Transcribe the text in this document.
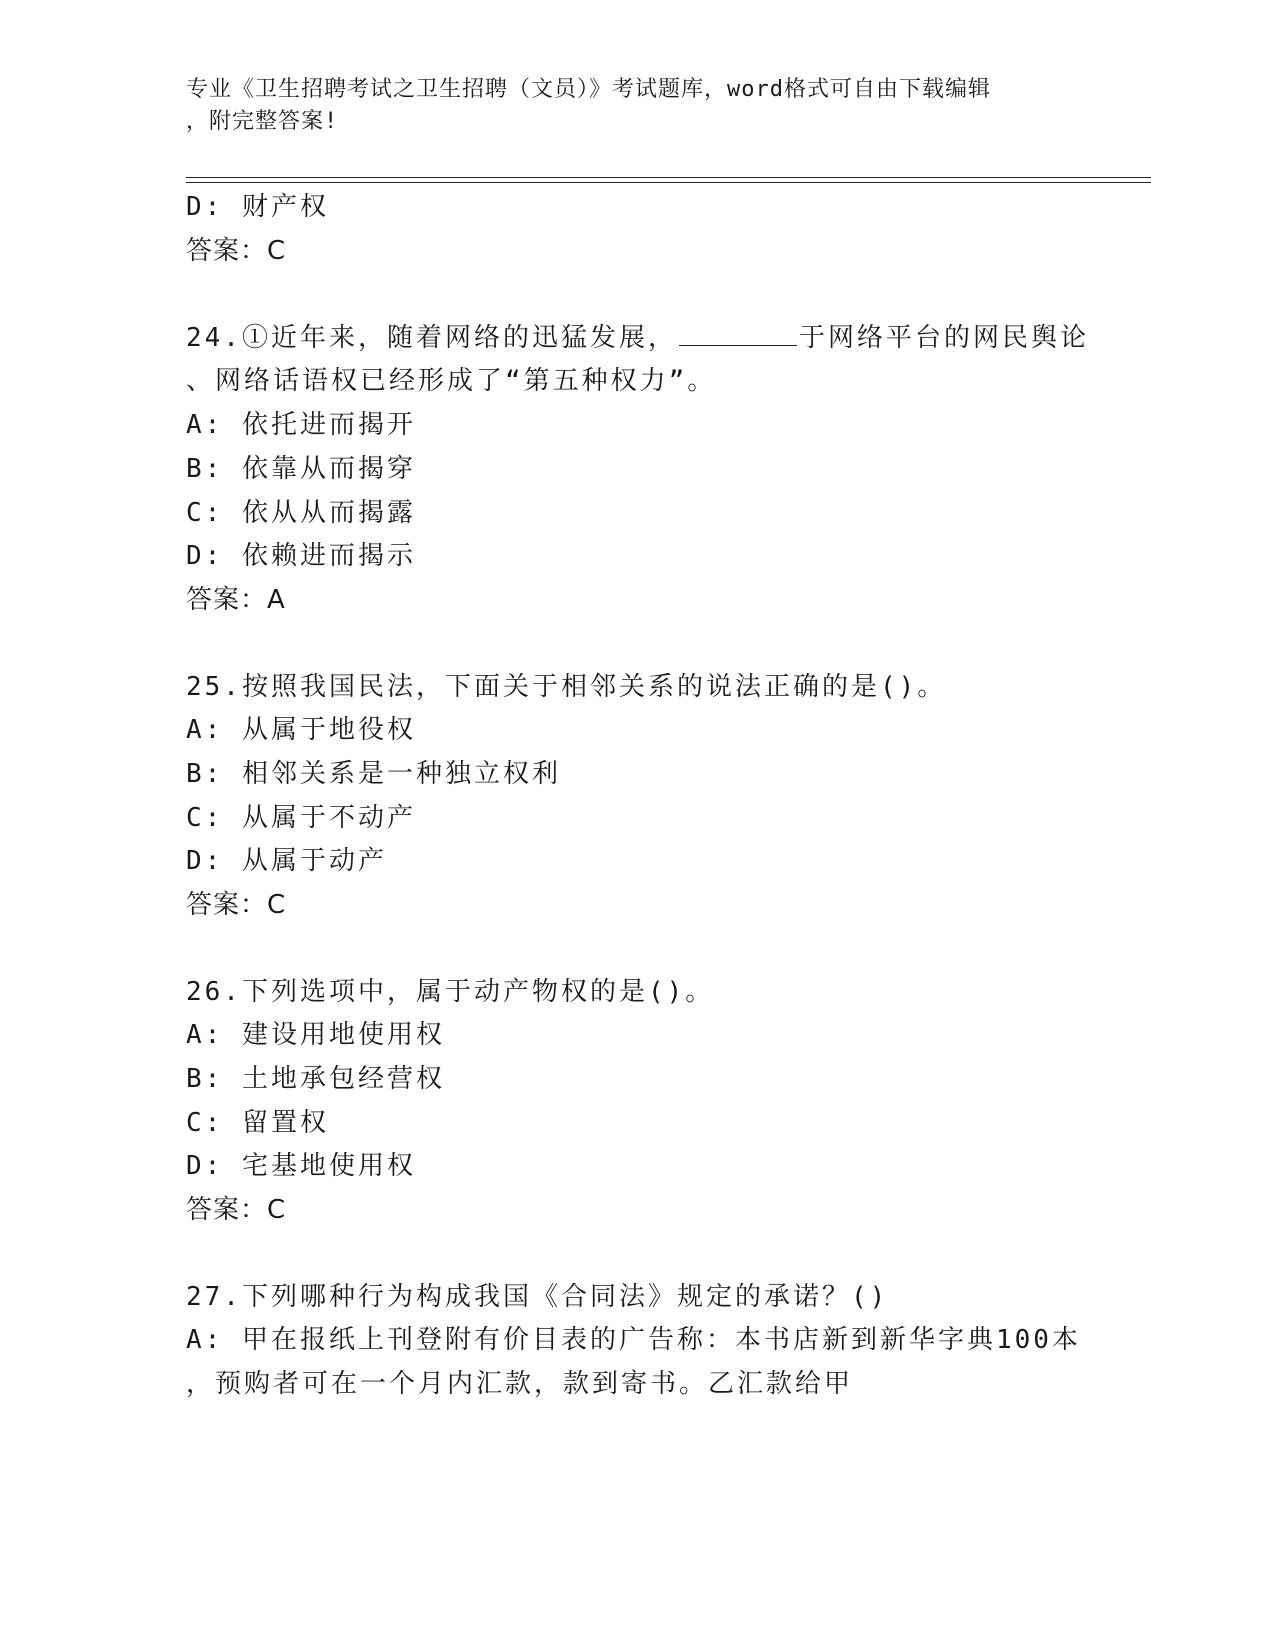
专业《卫生招聘考试之卫生招聘（文员）》考试题库，word格式可自由下载编辑
，附完整答案!
D: 财产权
答案：C
24.①近年来，随着网络的迅猛发展，	于网络平台的网民舆论
、网络话语权已经形成了“第五种权力”。
A: 依托进而揭开
B: 依靠从而揭穿
C: 依从从而揭露
D: 依赖进而揭示
答案：A
25.按照我国民法，下面关于相邻关系的说法正确的是()。
A: 从属于地役权
B: 相邻关系是一种独立权利
C: 从属于不动产
D: 从属于动产
答案：C
26.下列选项中，属于动产物权的是()。
A: 建设用地使用权
B: 土地承包经营权
C: 留置权
D: 宅基地使用权
答案：C
27.下列哪种行为构成我国《合同法》规定的承诺？()
A: 甲在报纸上刊登附有价目表的广告称：本书店新到新华字典100本
，预购者可在一个月内汇款，款到寄书。乙汇款给甲
